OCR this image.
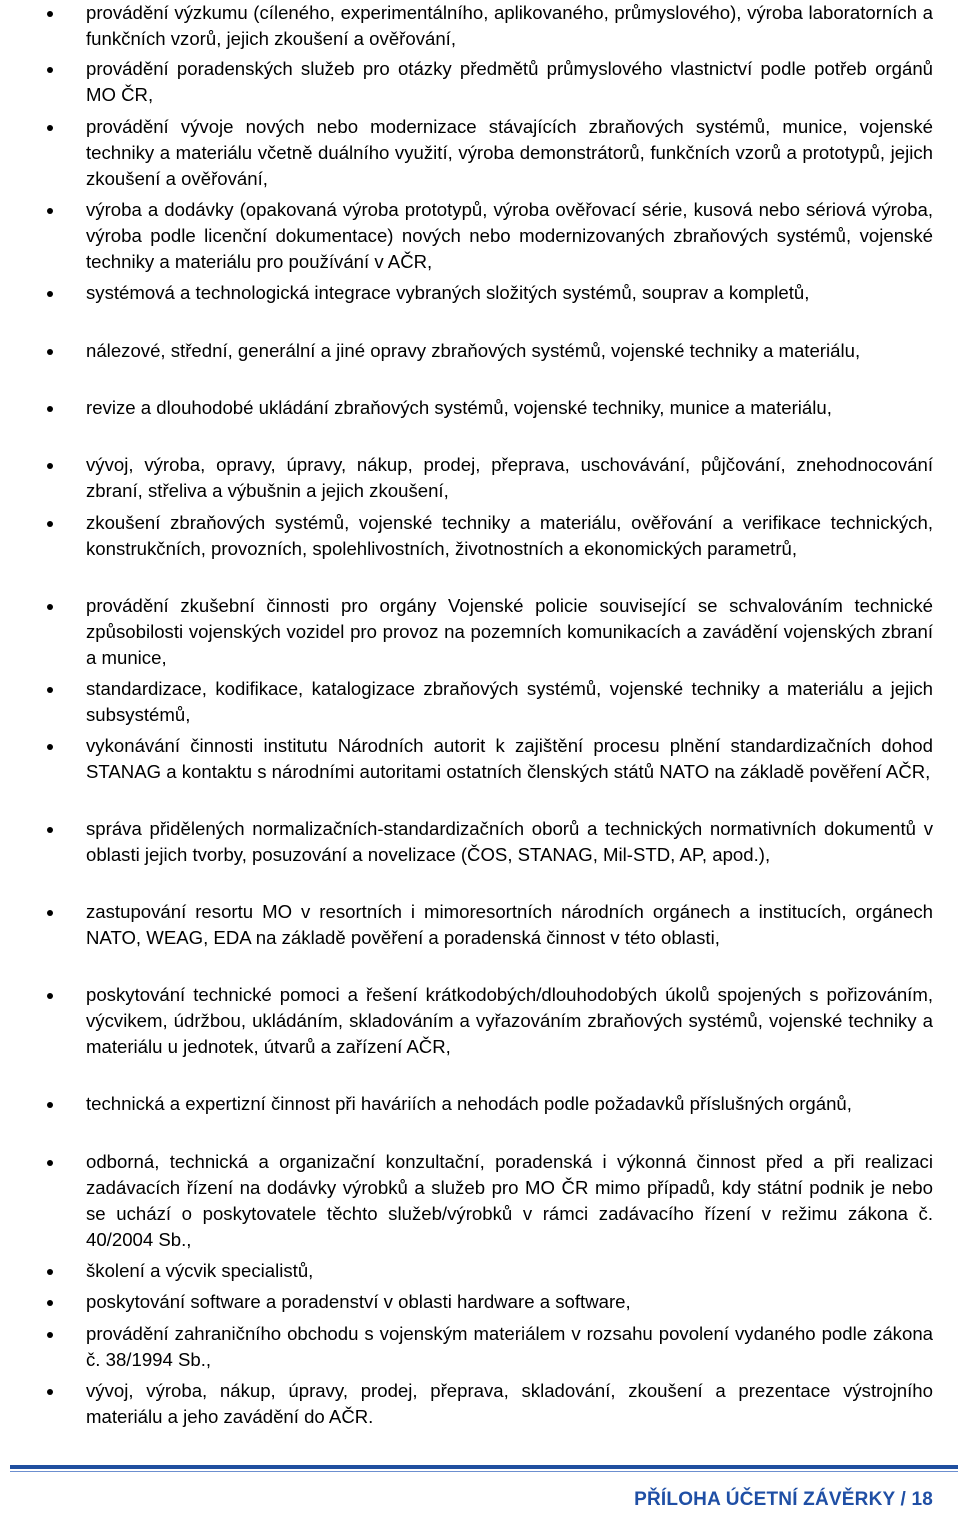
provádění výzkumu (cíleného, experimentálního, aplikovaného, průmyslového), výroba laboratorních a funkčních vzorů, jejich zkoušení a ověřování,
provádění poradenských služeb pro otázky předmětů průmyslového vlastnictví podle potřeb orgánů MO ČR,
provádění vývoje nových nebo modernizace stávajících zbraňových systémů, munice, vojenské techniky a materiálu včetně duálního využití, výroba demonstrátorů, funkčních vzorů a prototypů, jejich zkoušení a ověřování,
výroba a dodávky (opakovaná výroba prototypů, výroba ověřovací série, kusová nebo sériová výroba, výroba podle licenční dokumentace) nových nebo modernizovaných zbraňových systémů, vojenské techniky a materiálu pro používání v AČR,
systémová a technologická integrace vybraných složitých systémů, souprav a kompletů,
nálezové, střední, generální a jiné opravy zbraňových systémů, vojenské techniky a materiálu,
revize a dlouhodobé ukládání zbraňových systémů, vojenské techniky, munice a materiálu,
vývoj, výroba, opravy, úpravy, nákup, prodej, přeprava, uschovávání, půjčování, znehodnocování zbraní, střeliva a výbušnin a jejich zkoušení,
zkoušení zbraňových systémů, vojenské techniky a materiálu, ověřování a verifikace technických, konstrukčních, provozních, spolehlivostních, životnostních a ekonomických parametrů,
provádění zkušební činnosti pro orgány Vojenské policie související se schvalováním technické způsobilosti vojenských vozidel pro provoz na pozemních komunikacích a zavádění vojenských zbraní a munice,
standardizace, kodifikace, katalogizace zbraňových systémů, vojenské techniky a materiálu a jejich subsystémů,
vykonávání činnosti institutu Národních autorit k zajištění procesu plnění standardizačních dohod STANAG a kontaktu s národními autoritami ostatních členských států NATO na základě pověření AČR,
správa přidělených normalizačních-standardizačních oborů a technických normativních dokumentů v oblasti jejich tvorby, posuzování a novelizace (ČOS, STANAG, Mil-STD, AP, apod.),
zastupování resortu MO v resortních i mimoresortních národních orgánech a institucích, orgánech NATO, WEAG, EDA na základě pověření a poradenská činnost v této oblasti,
poskytování technické pomoci a řešení krátkodobých/dlouhodobých úkolů spojených s pořizováním, výcvikem, údržbou, ukládáním, skladováním a vyřazováním zbraňových systémů, vojenské techniky a materiálu u jednotek, útvarů a zařízení AČR,
technická a expertizní činnost při haváriích a nehodách podle požadavků příslušných orgánů,
odborná, technická a organizační konzultační, poradenská i výkonná činnost před a při realizaci zadávacích řízení na dodávky výrobků a služeb pro MO ČR mimo případů, kdy státní podnik je nebo se uchází o poskytovatele těchto služeb/výrobků v rámci zadávacího řízení v režimu zákona č. 40/2004 Sb.,
školení a výcvik specialistů,
poskytování software a poradenství v oblasti hardware a software,
provádění zahraničního obchodu s vojenským materiálem v rozsahu povolení vydaného podle zákona č. 38/1994 Sb.,
vývoj, výroba, nákup, úpravy, prodej, přeprava, skladování, zkoušení a prezentace výstrojního materiálu a jeho zavádění do AČR.
PŘÍLOHA ÚČETNÍ ZÁVĚRKY / 18
